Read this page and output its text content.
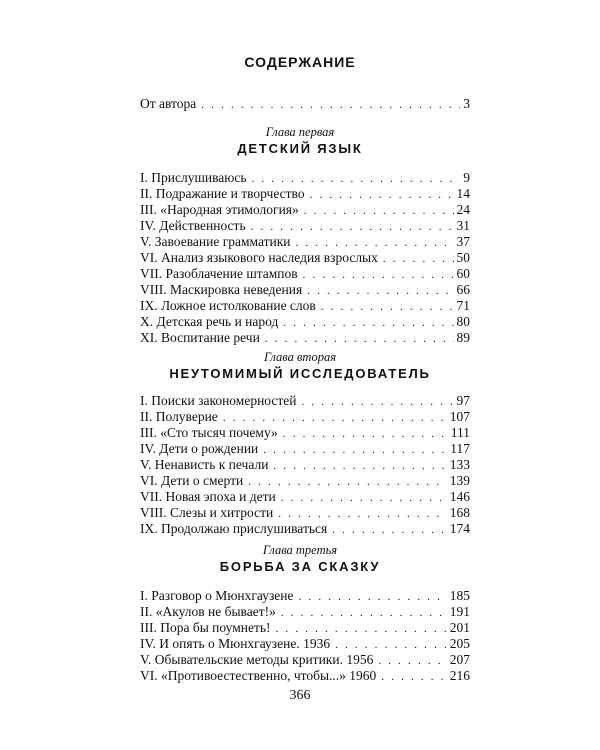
СОДЕРЖАНИЕ
От автора . . .	3
Глава первая
ДЕТСКИЙ ЯЗЫК
I. Прислушиваюсь . . .	9
II. Подражание и творчество . . .	14
III. «Народная этимология» . . .	24
IV. Действенность . . .	31
V. Завоевание грамматики . . .	37
VI. Анализ языкового наследия взрослых . . .	50
VII. Разоблачение штампов . . .	60
VIII. Маскировка неведения . . .	66
IX. Ложное истолкование слов . . .	71
X. Детская речь и народ . . .	80
XI. Воспитание речи . . .	89
Глава вторая
НЕУТОМИМЫЙ ИССЛЕДОВАТЕЛЬ
I. Поиски закономерностей . . .	97
II. Полуверие . . .	107
III. «Сто тысяч почему» . . .	111
IV. Дети о рождении . . .	117
V. Ненависть к печали . . .	133
VI. Дети о смерти . . .	139
VII. Новая эпоха и дети . . .	146
VIII. Слезы и хитрости . . .	168
IX. Продолжаю прислушиваться . . .	174
Глава третья
БОРЬБА ЗА СКАЗКУ
I. Разговор о Мюнхгаузене . . .	185
II. «Акулов не бывает!» . . .	191
III. Пора бы поумнеть! . . .	201
IV. И опять о Мюнхгаузене. 1936 . . .	205
V. Обывательские методы критики. 1956 . . .	207
VI. «Противоестественно, чтобы...» 1960 . . .	216
366
